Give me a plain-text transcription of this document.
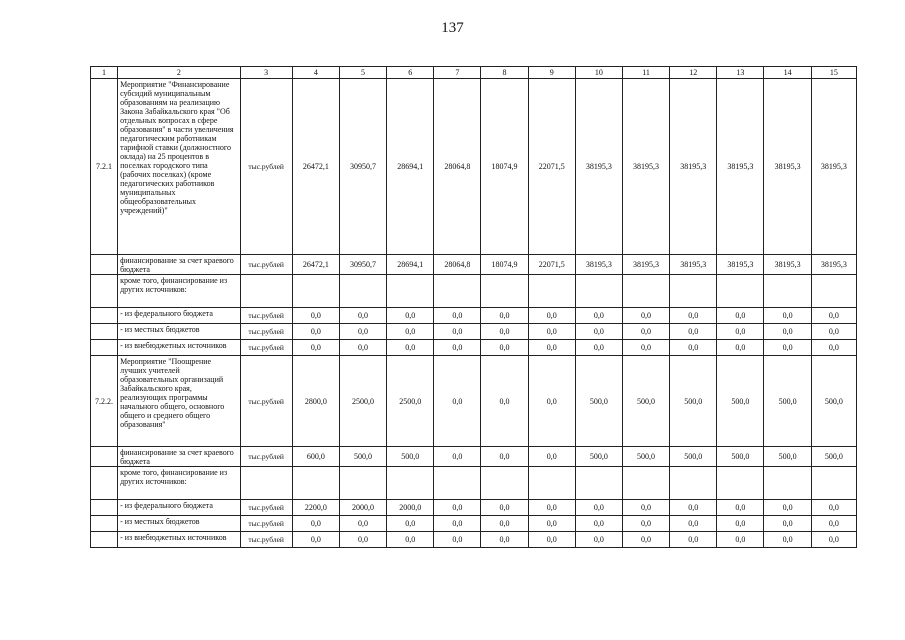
137
1	2	3	4	5	6	7	8	9	10	11	12	13	14	15
7.2.1	Мероприятие "Финансирование субсидий муниципальным образованиям на реализацию Закона Забайкальского края "Об отдельных вопросах в сфере образования" в части увеличения педагогическим работникам тарифной ставки (должностного оклада) на 25 процентов в поселках городского типа (рабочих поселках) (кроме педагогических работников муниципальных общеобразовательных учреждений)"	тыс.рублей	26472,1	30950,7	28694,1	28064,8	18074,9	22071,5	38195,3	38195,3	38195,3	38195,3	38195,3	38195,3
	финансирование за счет краевого бюджета	тыс.рублей	26472,1	30950,7	28694,1	28064,8	18074,9	22071,5	38195,3	38195,3	38195,3	38195,3	38195,3	38195,3
	кроме того, финансирование из других источников:													
	- из федерального бюджета	тыс.рублей	0,0	0,0	0,0	0,0	0,0	0,0	0,0	0,0	0,0	0,0	0,0	0,0
	- из местных бюджетов	тыс.рублей	0,0	0,0	0,0	0,0	0,0	0,0	0,0	0,0	0,0	0,0	0,0	0,0
	- из внебюджетных источников	тыс.рублей	0,0	0,0	0,0	0,0	0,0	0,0	0,0	0,0	0,0	0,0	0,0	0,0
7.2.2.	Мероприятие "Поощрение лучших учителей образовательных организаций Забайкальского края, реализующих программы начального общего, основного общего и среднего общего образования"	тыс.рублей	2800,0	2500,0	2500,0	0,0	0,0	0,0	500,0	500,0	500,0	500,0	500,0	500,0
	финансирование за счет краевого бюджета	тыс.рублей	600,0	500,0	500,0	0,0	0,0	0,0	500,0	500,0	500,0	500,0	500,0	500,0
	кроме того, финансирование из других источников:													
	- из федерального бюджета	тыс.рублей	2200,0	2000,0	2000,0	0,0	0,0	0,0	0,0	0,0	0,0	0,0	0,0	0,0
	- из местных бюджетов	тыс.рублей	0,0	0,0	0,0	0,0	0,0	0,0	0,0	0,0	0,0	0,0	0,0	0,0
	- из внебюджетных источников	тыс.рублей	0,0	0,0	0,0	0,0	0,0	0,0	0,0	0,0	0,0	0,0	0,0	0,0
